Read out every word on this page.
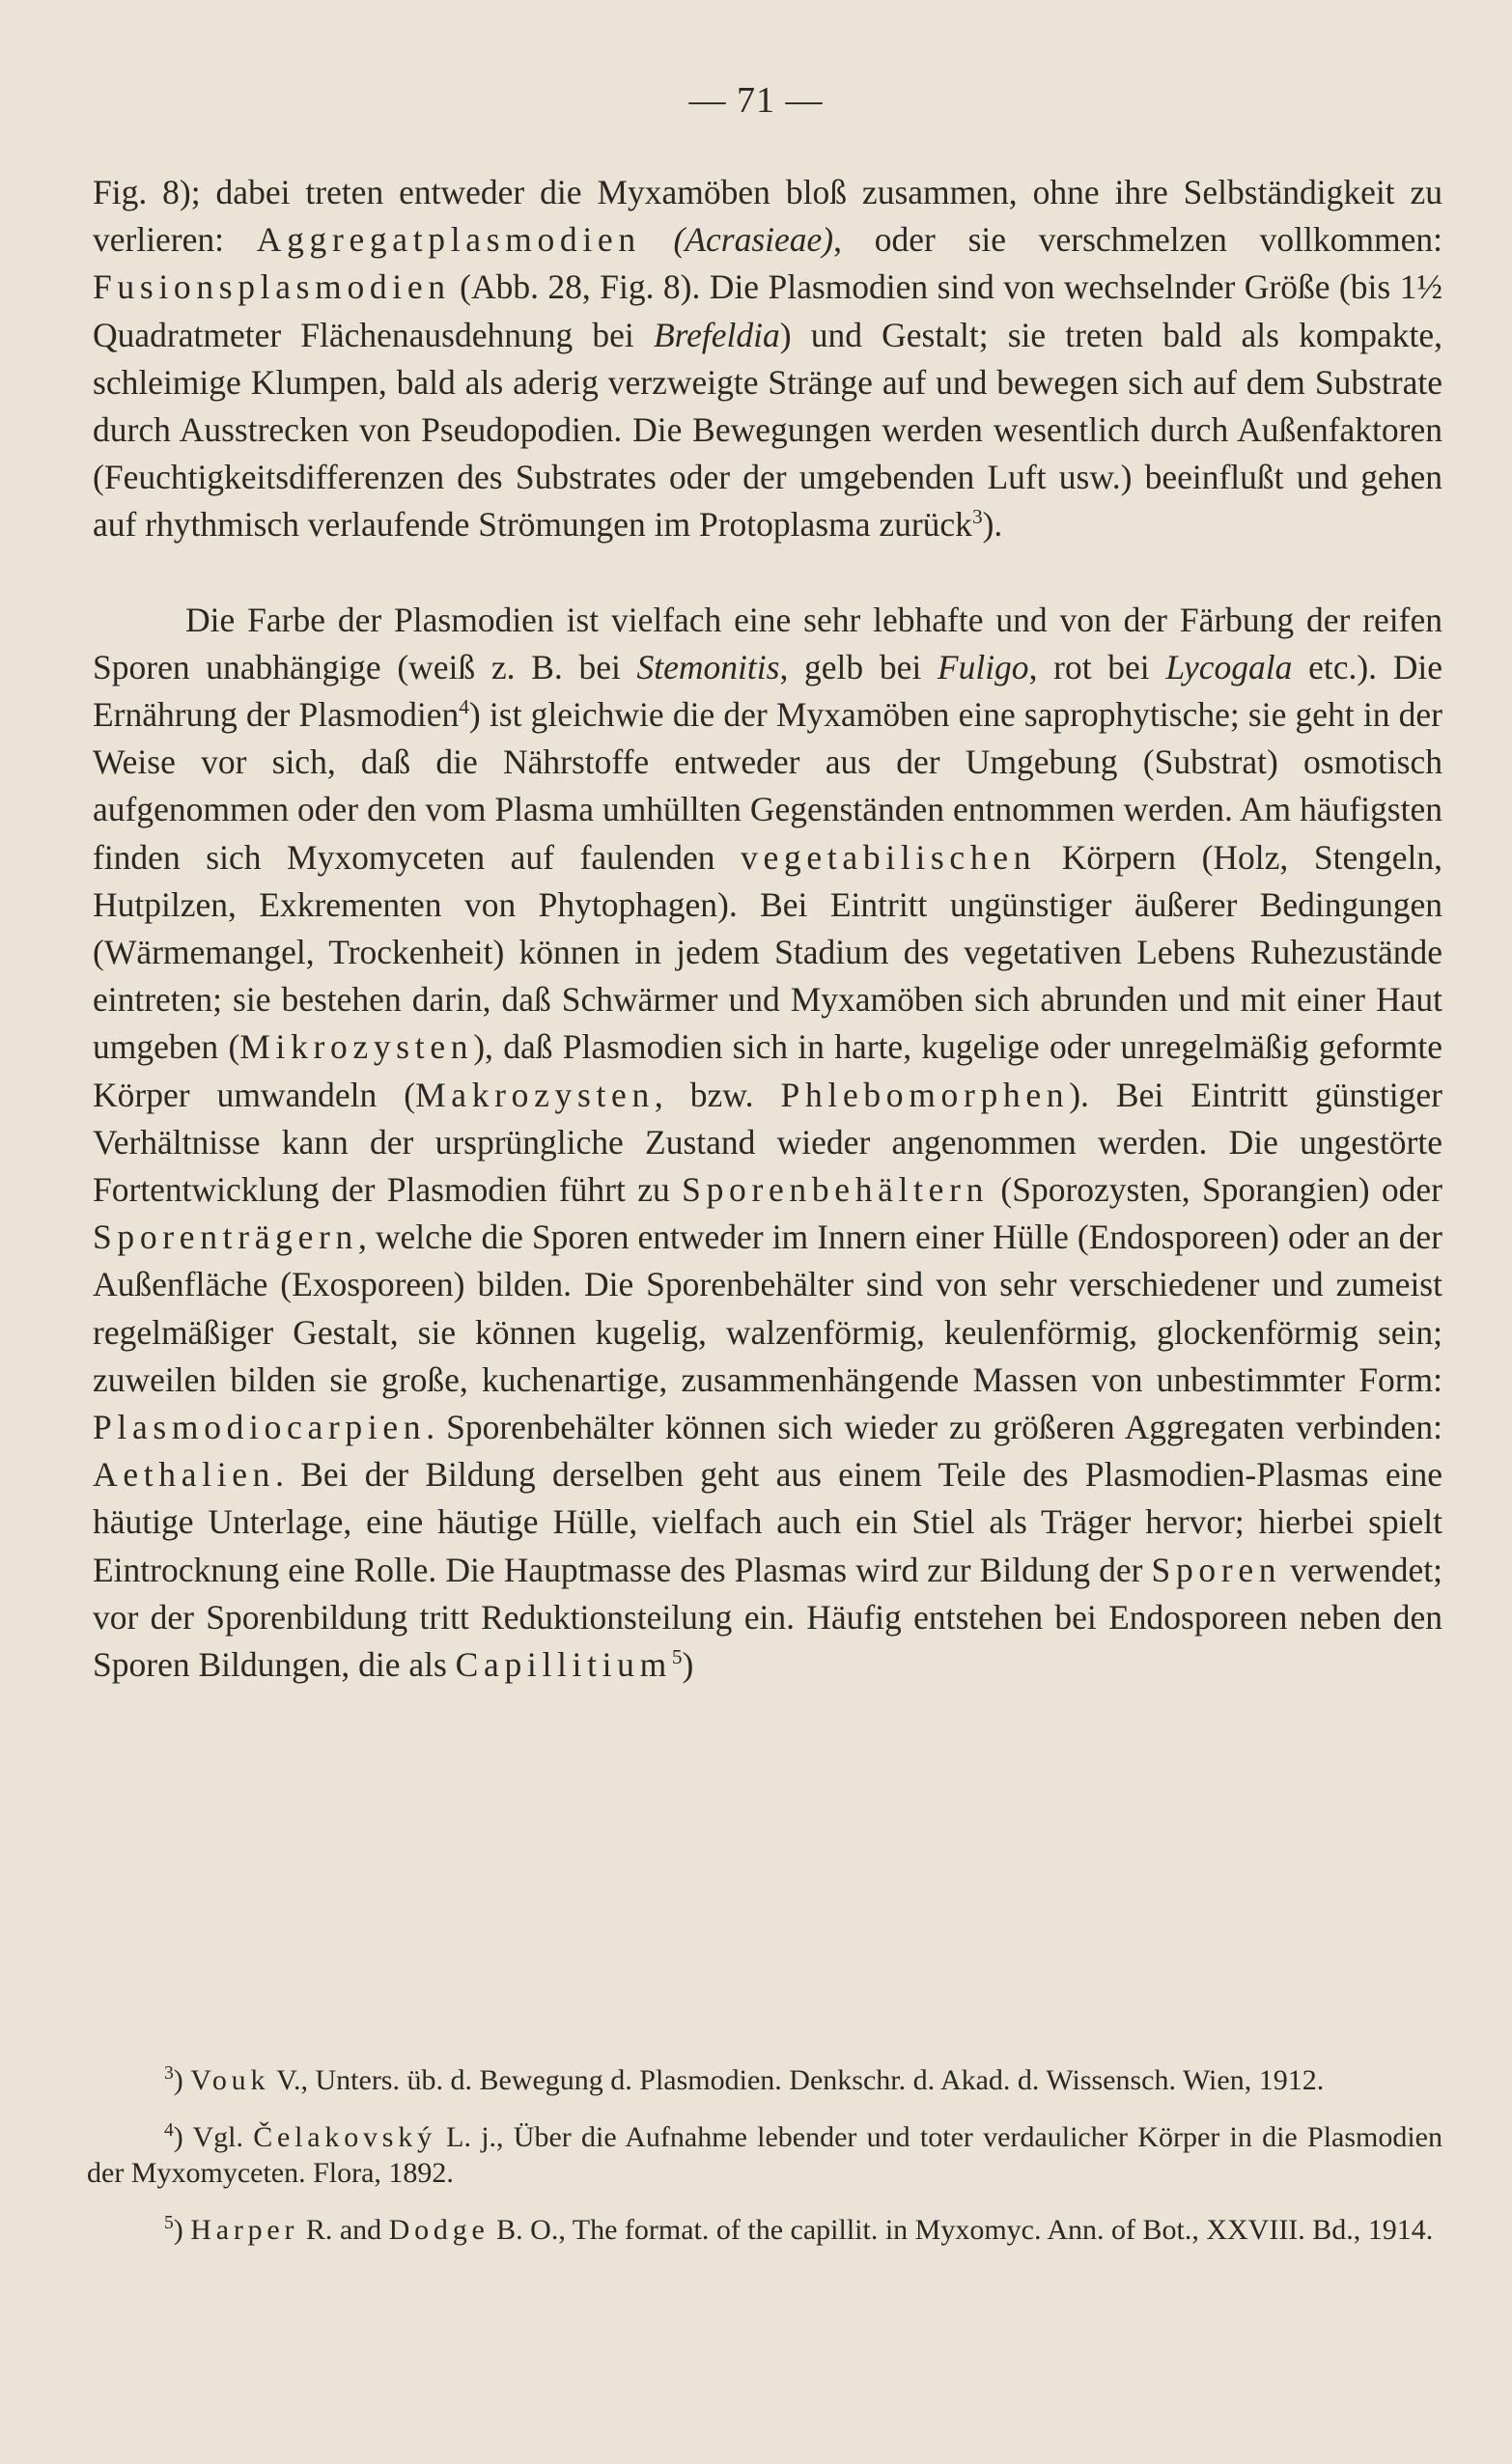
— 71 —

Fig. 8); dabei treten entweder die Myxamöben bloß zusammen, ohne ihre Selbständigkeit zu verlieren: Aggregatplasmodien (Acrasieae), oder sie verschmelzen vollkommen: Fusionsplasmodien (Abb. 28, Fig. 8). Die Plasmodien sind von wechselnder Größe (bis 1½ Quadratmeter Flächenausdehnung bei Brefeldia) und Gestalt; sie treten bald als kompakte, schleimige Klumpen, bald als aderig verzweigte Stränge auf und bewegen sich auf dem Substrate durch Ausstrecken von Pseudopodien. Die Bewegungen werden wesentlich durch Außenfaktoren (Feuchtigkeitsdifferenzen des Substrates oder der umgebenden Luft usw.) beeinflußt und gehen auf rhythmisch verlaufende Strömungen im Protoplasma zurück$^3$).

Die Farbe der Plasmodien ist vielfach eine sehr lebhafte und von der Färbung der reifen Sporen unabhängige (weiß z. B. bei Stemonitis, gelb bei Fuligo, rot bei Lycogala etc.). Die Ernährung der Plasmodien$^4$) ist gleichwie die der Myxamöben eine saprophytische; sie geht in der Weise vor sich, daß die Nährstoffe entweder aus der Umgebung (Substrat) osmotisch aufgenommen oder den vom Plasma umhüllten Gegenständen entnommen werden. Am häufigsten finden sich Myxomyceten auf faulenden vegetabilischen Körpern (Holz, Stengeln, Hutpilzen, Exkrementen von Phytophagen). Bei Eintritt ungünstiger äußerer Bedingungen (Wärmemangel, Trockenheit) können in jedem Stadium des vegetativen Lebens Ruhezustände eintreten; sie bestehen darin, daß Schwärmer und Myxamöben sich abrunden und mit einer Haut umgeben (Mikrozysten), daß Plasmodien sich in harte, kugelige oder unregelmäßig geformte Körper umwandeln (Makrozysten, bzw. Phlebomorphen). Bei Eintritt günstiger Verhältnisse kann der ursprüngliche Zustand wieder angenommen werden. Die ungestörte Fortentwicklung der Plasmodien führt zu Sporenbehältern (Sporozysten, Sporangien) oder Sporenträgern, welche die Sporen entweder im Innern einer Hülle (Endosporeen) oder an der Außenfläche (Exosporeen) bilden. Die Sporenbehälter sind von sehr verschiedener und zumeist regelmäßiger Gestalt, sie können kugelig, walzenförmig, keulenförmig, glockenförmig sein; zuweilen bilden sie große, kuchenartige, zusammenhängende Massen von unbestimmter Form: Plasmodiocarpien. Sporenbehälter können sich wieder zu größeren Aggregaten verbinden: Aethalien. Bei der Bildung derselben geht aus einem Teile des Plasmodien-Plasmas eine häutige Unterlage, eine häutige Hülle, vielfach auch ein Stiel als Träger hervor; hierbei spielt Eintrocknung eine Rolle. Die Hauptmasse des Plasmas wird zur Bildung der Sporen verwendet; vor der Sporenbildung tritt Reduktionsteilung ein. Häufig entstehen bei Endosporeen neben den Sporen Bildungen, die als Capillitium$^5$)

$^3$) Vouk V., Unters. üb. d. Bewegung d. Plasmodien. Denkschr. d. Akad. d. Wissensch. Wien, 1912.

$^4$) Vgl. Čelakovský L. j., Über die Aufnahme lebender und toter verdaulicher Körper in die Plasmodien der Myxomyceten. Flora, 1892.

$^5$) Harper R. and Dodge B. O., The format. of the capillit. in Myxomyc. Ann. of Bot., XXVIII. Bd., 1914.
